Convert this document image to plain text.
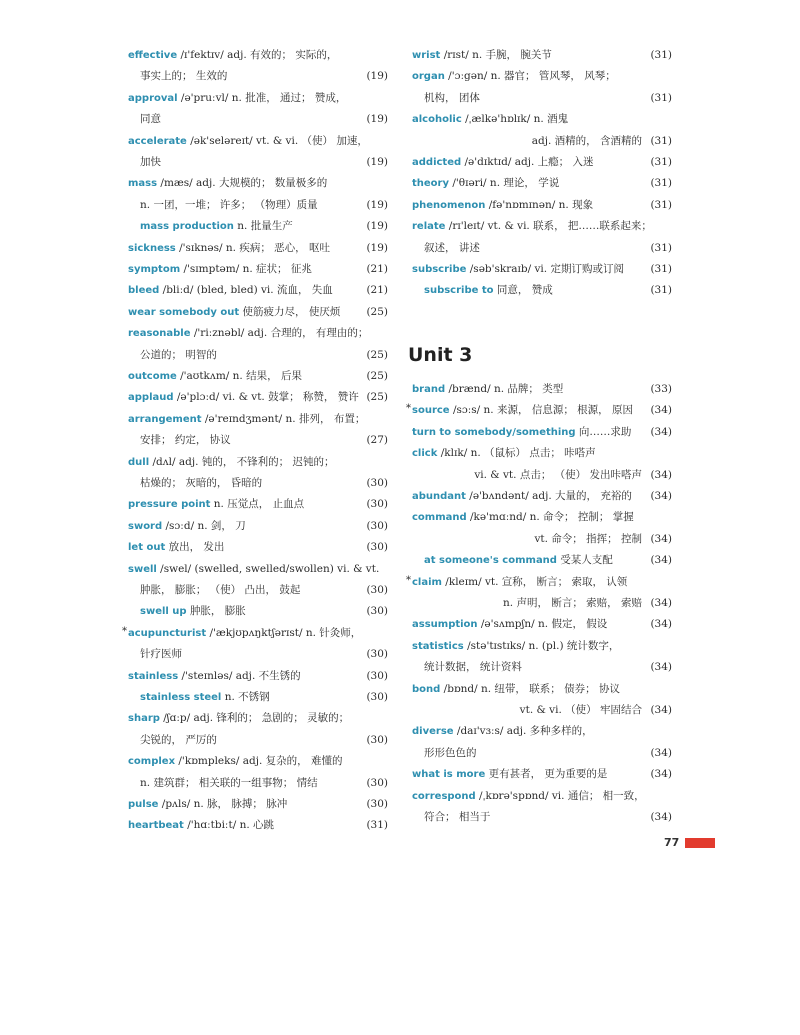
effective /ɪ'fektɪv/ adj. 有效的； 实际的，
事实上的； 生效的	(19)
approval /ə'pruːvl/ n. 批准， 通过； 赞成，
同意	(19)
accelerate /ək'seləreɪt/ vt. & vi. （使） 加速，
加快	(19)
mass /mæs/ adj. 大规模的； 数量极多的
n. 一团，一堆； 许多； （物理）质量	(19)
mass production n. 批量生产	(19)
sickness /'sɪknəs/ n. 疾病； 恶心， 呕吐	(19)
symptom /'sɪmptəm/ n. 症状； 征兆	(21)
bleed /bliːd/ (bled, bled) vi. 流血， 失血	(21)
wear somebody out 使筋疲力尽， 使厌烦 (25)
reasonable /'riːznəbl/ adj. 合理的， 有理由的；
公道的； 明智的	(25)
outcome /'aʊtkʌm/ n. 结果， 后果	(25)
applaud /ə'plɔːd/ vi. & vt. 鼓掌； 称赞， 赞许 (25)
arrangement /ə'reɪndʒmənt/ n. 排列， 布置；
安排； 约定， 协议	(27)
dull /dʌl/ adj. 钝的， 不锋利的； 迟钝的；
枯燥的； 灰暗的， 昏暗的	(30)
pressure point n. 压觉点， 止血点	(30)
sword /sɔːd/ n. 剑， 刀	(30)
let out 放出， 发出	(30)
swell /swel/ (swelled, swelled/swollen) vi. & vt.
肿胀， 膨胀； （使） 凸出， 鼓起	(30)
swell up 肿胀， 膨胀	(30)
* acupuncturist /'ækjʊpʌŋktʃərɪst/ n. 针灸师，
针疗医师	(30)
stainless /'steɪnləs/ adj. 不生锈的	(30)
stainless steel n. 不锈钢	(30)
sharp /ʃɑːp/ adj. 锋利的； 急剧的； 灵敏的；
尖锐的， 严厉的	(30)
complex /'kɒmpleks/ adj. 复杂的， 难懂的
n. 建筑群； 相关联的一组事物； 情结	(30)
pulse /pʌls/ n. 脉， 脉搏； 脉冲	(30)
heartbeat /'hɑːtbiːt/ n. 心跳	(31)
wrist /rɪst/ n. 手腕， 腕关节	(31)
organ /'ɔːgən/ n. 器官； 管风琴， 风琴；
机构， 团体	(31)
alcoholic /ˌælkə'hɒlɪk/ n. 酒鬼
adj. 酒精的， 含酒精的 (31)
addicted /ə'dɪktɪd/ adj. 上瘾； 入迷	(31)
theory /'θɪəri/ n. 理论， 学说	(31)
phenomenon /fə'nɒmɪnən/ n. 现象	(31)
relate /rɪ'leɪt/ vt. & vi. 联系， 把……联系起来；
叙述， 讲述	(31)
subscribe /səb'skraɪb/ vi. 定期订购或订阅	(31)
subscribe to 同意， 赞成	(31)
brand /brænd/ n. 品牌； 类型	(33)
* source /sɔːs/ n. 来源， 信息源； 根源， 原因 (34)
turn to somebody/something 向……求助 (34)
click /klɪk/ n. （鼠标） 点击； 咔嗒声
vi. & vt. 点击； （使） 发出咔嗒声 (34)
abundant /ə'bʌndənt/ adj. 大量的， 充裕的 (34)
command /kə'mɑːnd/ n. 命令； 控制； 掌握
vt. 命令； 指挥； 控制 (34)
at someone's command 受某人支配	(34)
* claim /kleɪm/ vt. 宣称， 断言； 索取， 认领
n. 声明， 断言； 索赔， 索赔 (34)
assumption /ə'sʌmpʃn/ n. 假定， 假设	(34)
statistics /stə'tɪstɪks/ n. (pl.) 统计数字，
统计数据， 统计资料	(34)
bond /bɒnd/ n. 纽带， 联系； 债券； 协议
vt. & vi. （使） 牢固结合 (34)
diverse /daɪ'vɜːs/ adj. 多种多样的，
形形色色的	(34)
what is more 更有甚者， 更为重要的是	(34)
correspond /ˌkɒrə'spɒnd/ vi. 通信； 相一致，
符合； 相当于	(34)
Unit 3
77
